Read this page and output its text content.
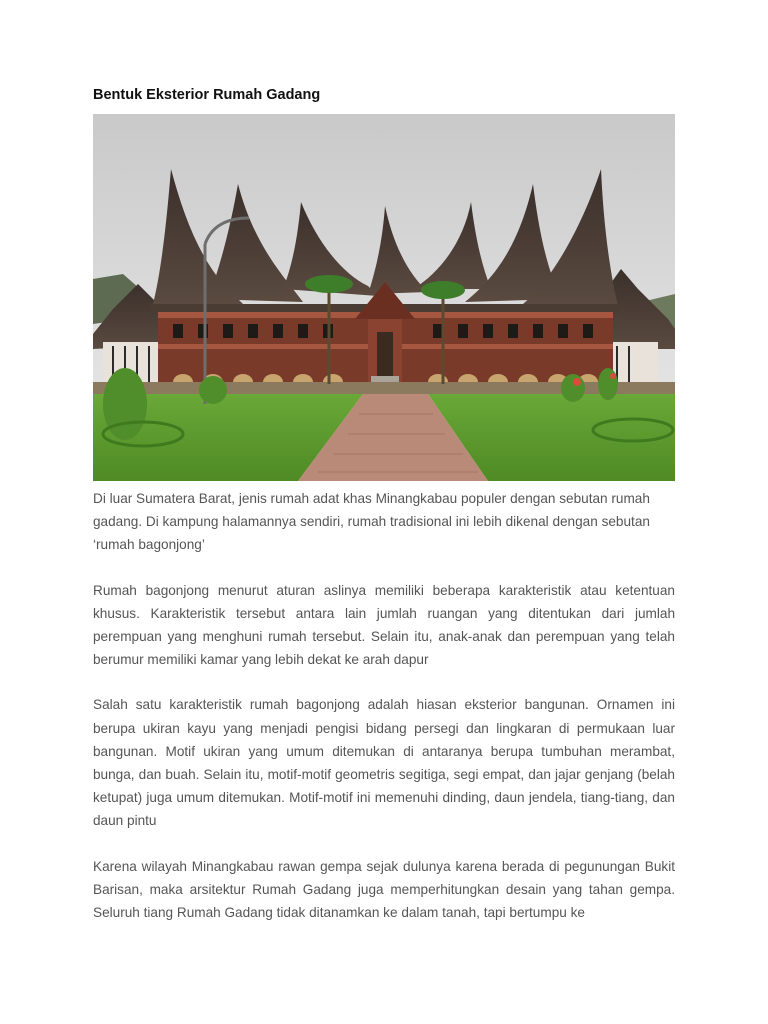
Bentuk Eksterior Rumah Gadang

Di luar Sumatera Barat, jenis rumah adat khas Minangkabau populer dengan sebutan rumah gadang. Di kampung halamannya sendiri, rumah tradisional ini lebih dikenal dengan sebutan ‘rumah bagonjong’

Rumah bagonjong menurut aturan aslinya memiliki beberapa karakteristik atau ketentuan khusus. Karakteristik tersebut antara lain jumlah ruangan yang ditentukan dari jumlah perempuan yang menghuni rumah tersebut. Selain itu, anak-anak dan perempuan yang telah berumur memiliki kamar yang lebih dekat ke arah dapur

Salah satu karakteristik rumah bagonjong adalah hiasan eksterior bangunan. Ornamen ini berupa ukiran kayu yang menjadi pengisi bidang persegi dan lingkaran di permukaan luar bangunan. Motif ukiran yang umum ditemukan di antaranya berupa tumbuhan merambat, bunga, dan buah. Selain itu, motif-motif geometris segitiga, segi empat, dan jajar genjang (belah ketupat) juga umum ditemukan. Motif-motif ini memenuhi dinding, daun jendela, tiang-tiang, dan daun pintu

Karena wilayah Minangkabau rawan gempa sejak dulunya karena berada di pegunungan Bukit Barisan, maka arsitektur Rumah Gadang juga memperhitungkan desain yang tahan gempa. Seluruh tiang Rumah Gadang tidak ditanamkan ke dalam tanah, tapi bertumpu ke
